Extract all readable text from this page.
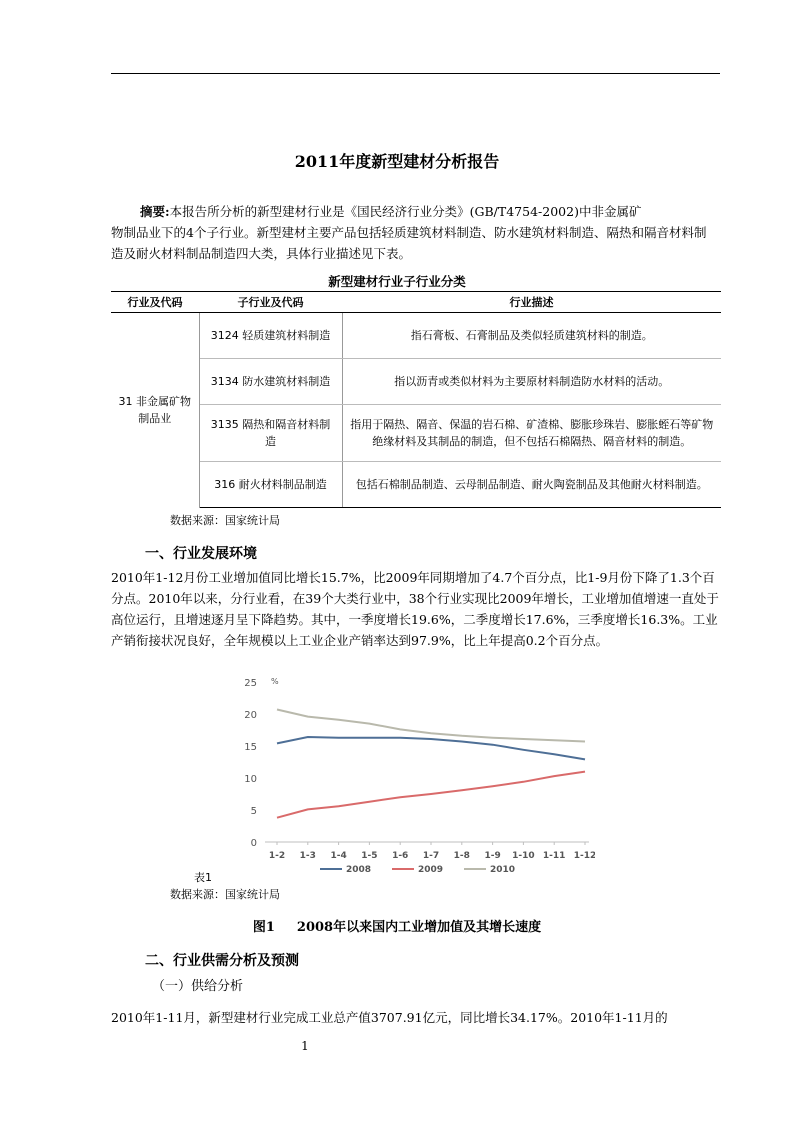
2011年度新型建材分析报告
摘要:本报告所分析的新型建材行业是《国民经济行业分类》(GB/T4754-2002)中非金属矿
物制品业下的4个子行业。新型建材主要产品包括轻质建筑材料制造、防水建筑材料制造、隔热和隔音材料制造及耐火材料制品制造四大类，具体行业描述见下表。
新型建材行业子行业分类
行业及代码	子行业及代码	行业描述
31 非金属矿物制品业	3124 轻质建筑材料制造	指石膏板、石膏制品及类似轻质建筑材料的制造。
	3134 防水建筑材料制造	指以沥青或类似材料为主要原材料制造防水材料的活动。
	3135 隔热和隔音材料制造	指用于隔热、隔音、保温的岩石棉、矿渣棉、膨胀珍珠岩、膨胀蛭石等矿物绝缘材料及其制品的制造，但不包括石棉隔热、隔音材料的制造。
	316 耐火材料制品制造	包括石棉制品制造、云母制品制造、耐火陶瓷制品及其他耐火材料制造。
数据来源：国家统计局
一、行业发展环境
2010年1-12月份工业增加值同比增长15.7%，比2009年同期增加了4.7个百分点，比1-9月份下降了1.3个百分点。2010年以来，分行业看，在39个大类行业中，38个行业实现比2009年增长，工业增加值增速一直处于高位运行，且增速逐月呈下降趋势。其中，一季度增长19.6%，二季度增长17.6%，三季度增长16.3%。工业产销衔接状况良好，全年规模以上工业企业产销率达到97.9%，比上年提高0.2个百分点。
0
5
10
15
20
25 %
1-2 1-3 1-4 1-5 1-6 1-7 1-8 1-9 1-10 1-11 1-12
2008	2009	2010
表1
数据来源：国家统计局
图1 2008年以来国内工业增加值及其增长速度
二、行业供需分析及预测
（一）供给分析
2010年1-11月，新型建材行业完成工业总产值3707.91亿元，同比增长34.17%。2010年1-11月的
1
